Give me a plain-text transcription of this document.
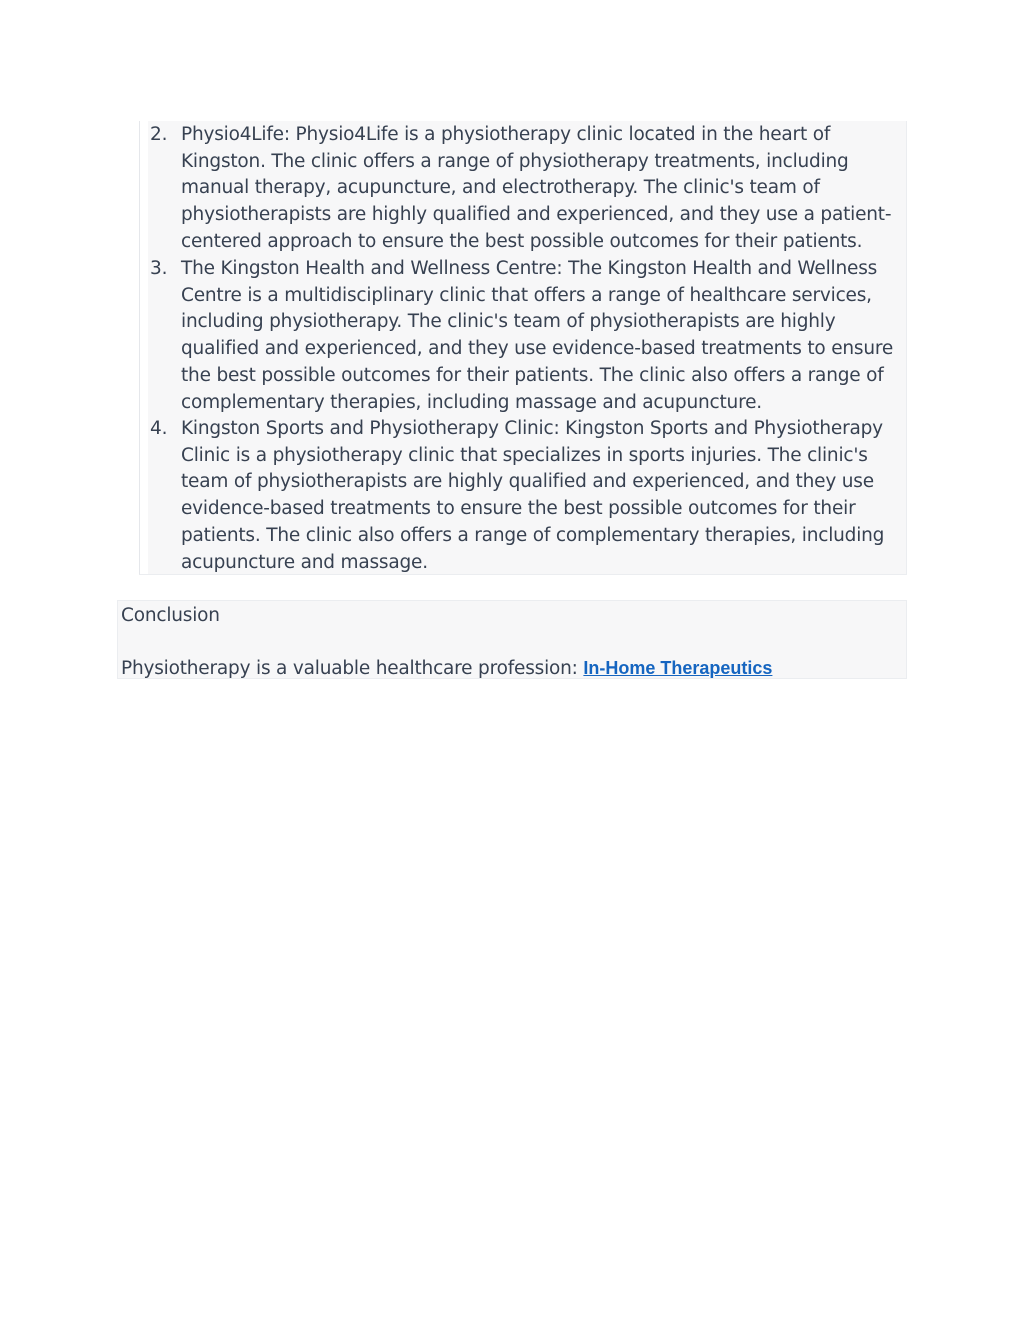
2. Physio4Life: Physio4Life is a physiotherapy clinic located in the heart of Kingston. The clinic offers a range of physiotherapy treatments, including manual therapy, acupuncture, and electrotherapy. The clinic's team of physiotherapists are highly qualified and experienced, and they use a patient-centered approach to ensure the best possible outcomes for their patients.
3. The Kingston Health and Wellness Centre: The Kingston Health and Wellness Centre is a multidisciplinary clinic that offers a range of healthcare services, including physiotherapy. The clinic's team of physiotherapists are highly qualified and experienced, and they use evidence-based treatments to ensure the best possible outcomes for their patients. The clinic also offers a range of complementary therapies, including massage and acupuncture.
4. Kingston Sports and Physiotherapy Clinic: Kingston Sports and Physiotherapy Clinic is a physiotherapy clinic that specializes in sports injuries. The clinic's team of physiotherapists are highly qualified and experienced, and they use evidence-based treatments to ensure the best possible outcomes for their patients. The clinic also offers a range of complementary therapies, including acupuncture and massage.
Conclusion
Physiotherapy is a valuable healthcare profession: In-Home Therapeutics
